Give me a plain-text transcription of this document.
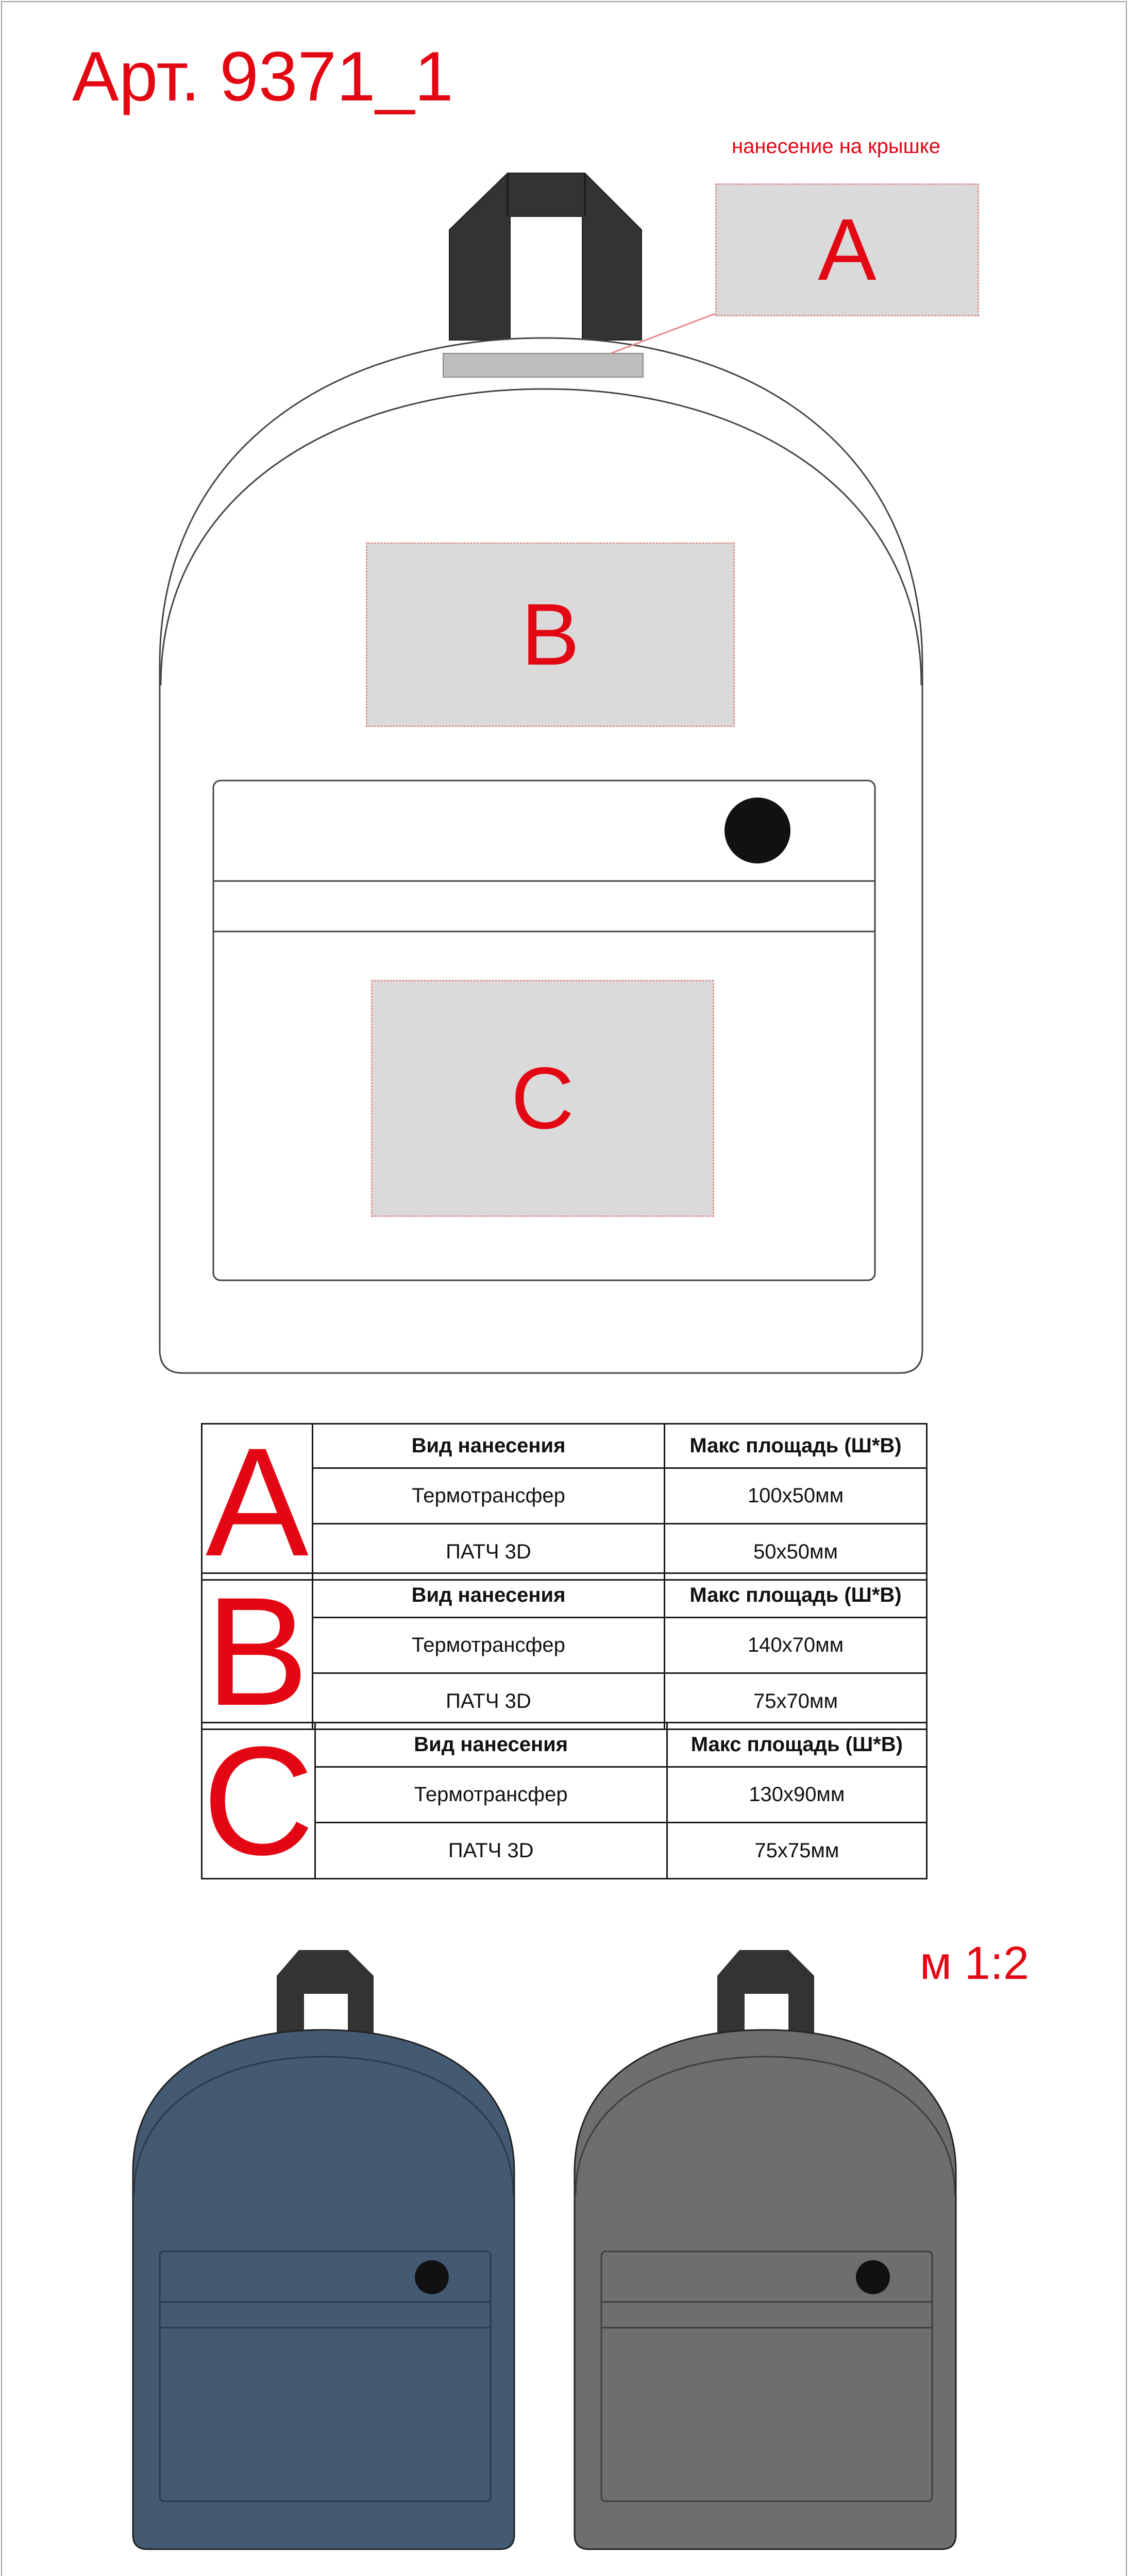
Арт. 9371_1
нанесение на крышке
A
B
C
A	Вид нанесения	Макс площадь (Ш*В)
	Термотрансфер	100x50мм
	ПАТЧ 3D	50x50мм
B	Вид нанесения	Макс площадь (Ш*В)
	Термотрансфер	140x70мм
	ПАТЧ 3D	75x70мм
C	Вид нанесения	Макс площадь (Ш*В)
	Термотрансфер	130x90мм
	ПАТЧ 3D	75x75мм
м 1:2
